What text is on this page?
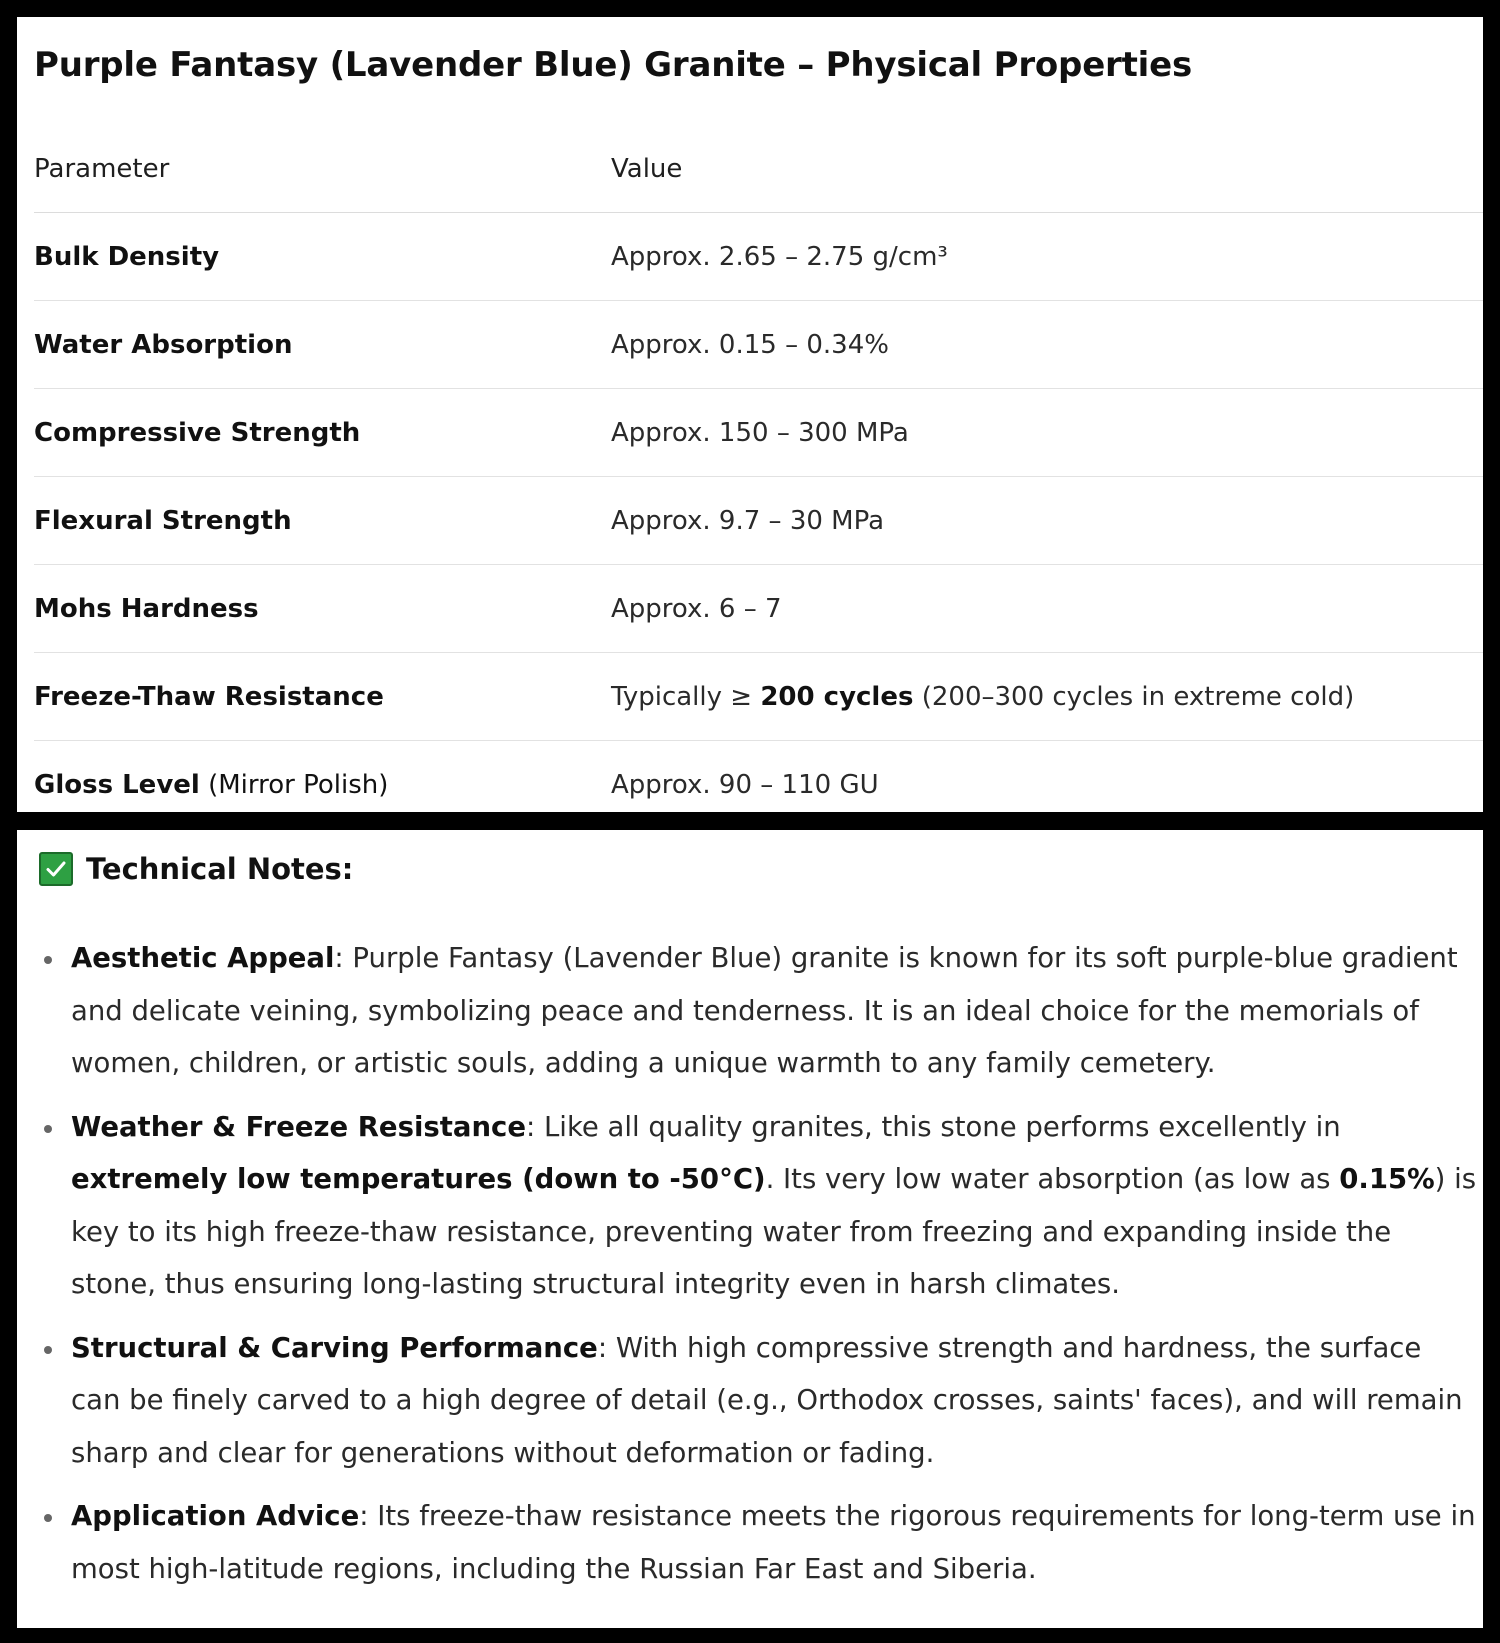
Purple Fantasy (Lavender Blue) Granite – Physical Properties
Parameter	Value
Bulk Density	Approx. 2.65 – 2.75 g/cm³
Water Absorption	Approx. 0.15 – 0.34%
Compressive Strength	Approx. 150 – 300 MPa
Flexural Strength	Approx. 9.7 – 30 MPa
Mohs Hardness	Approx. 6 – 7
Freeze-Thaw Resistance	Typically ≥ 200 cycles (200–300 cycles in extreme cold)
Gloss Level (Mirror Polish)	Approx. 90 – 110 GU
Technical Notes:
Aesthetic Appeal: Purple Fantasy (Lavender Blue) granite is known for its soft purple-blue gradient and delicate veining, symbolizing peace and tenderness. It is an ideal choice for the memorials of women, children, or artistic souls, adding a unique warmth to any family cemetery.
Weather & Freeze Resistance: Like all quality granites, this stone performs excellently in extremely low temperatures (down to -50°C). Its very low water absorption (as low as 0.15%) is key to its high freeze-thaw resistance, preventing water from freezing and expanding inside the stone, thus ensuring long-lasting structural integrity even in harsh climates.
Structural & Carving Performance: With high compressive strength and hardness, the surface can be finely carved to a high degree of detail (e.g., Orthodox crosses, saints' faces), and will remain sharp and clear for generations without deformation or fading.
Application Advice: Its freeze-thaw resistance meets the rigorous requirements for long-term use in most high-latitude regions, including the Russian Far East and Siberia.
